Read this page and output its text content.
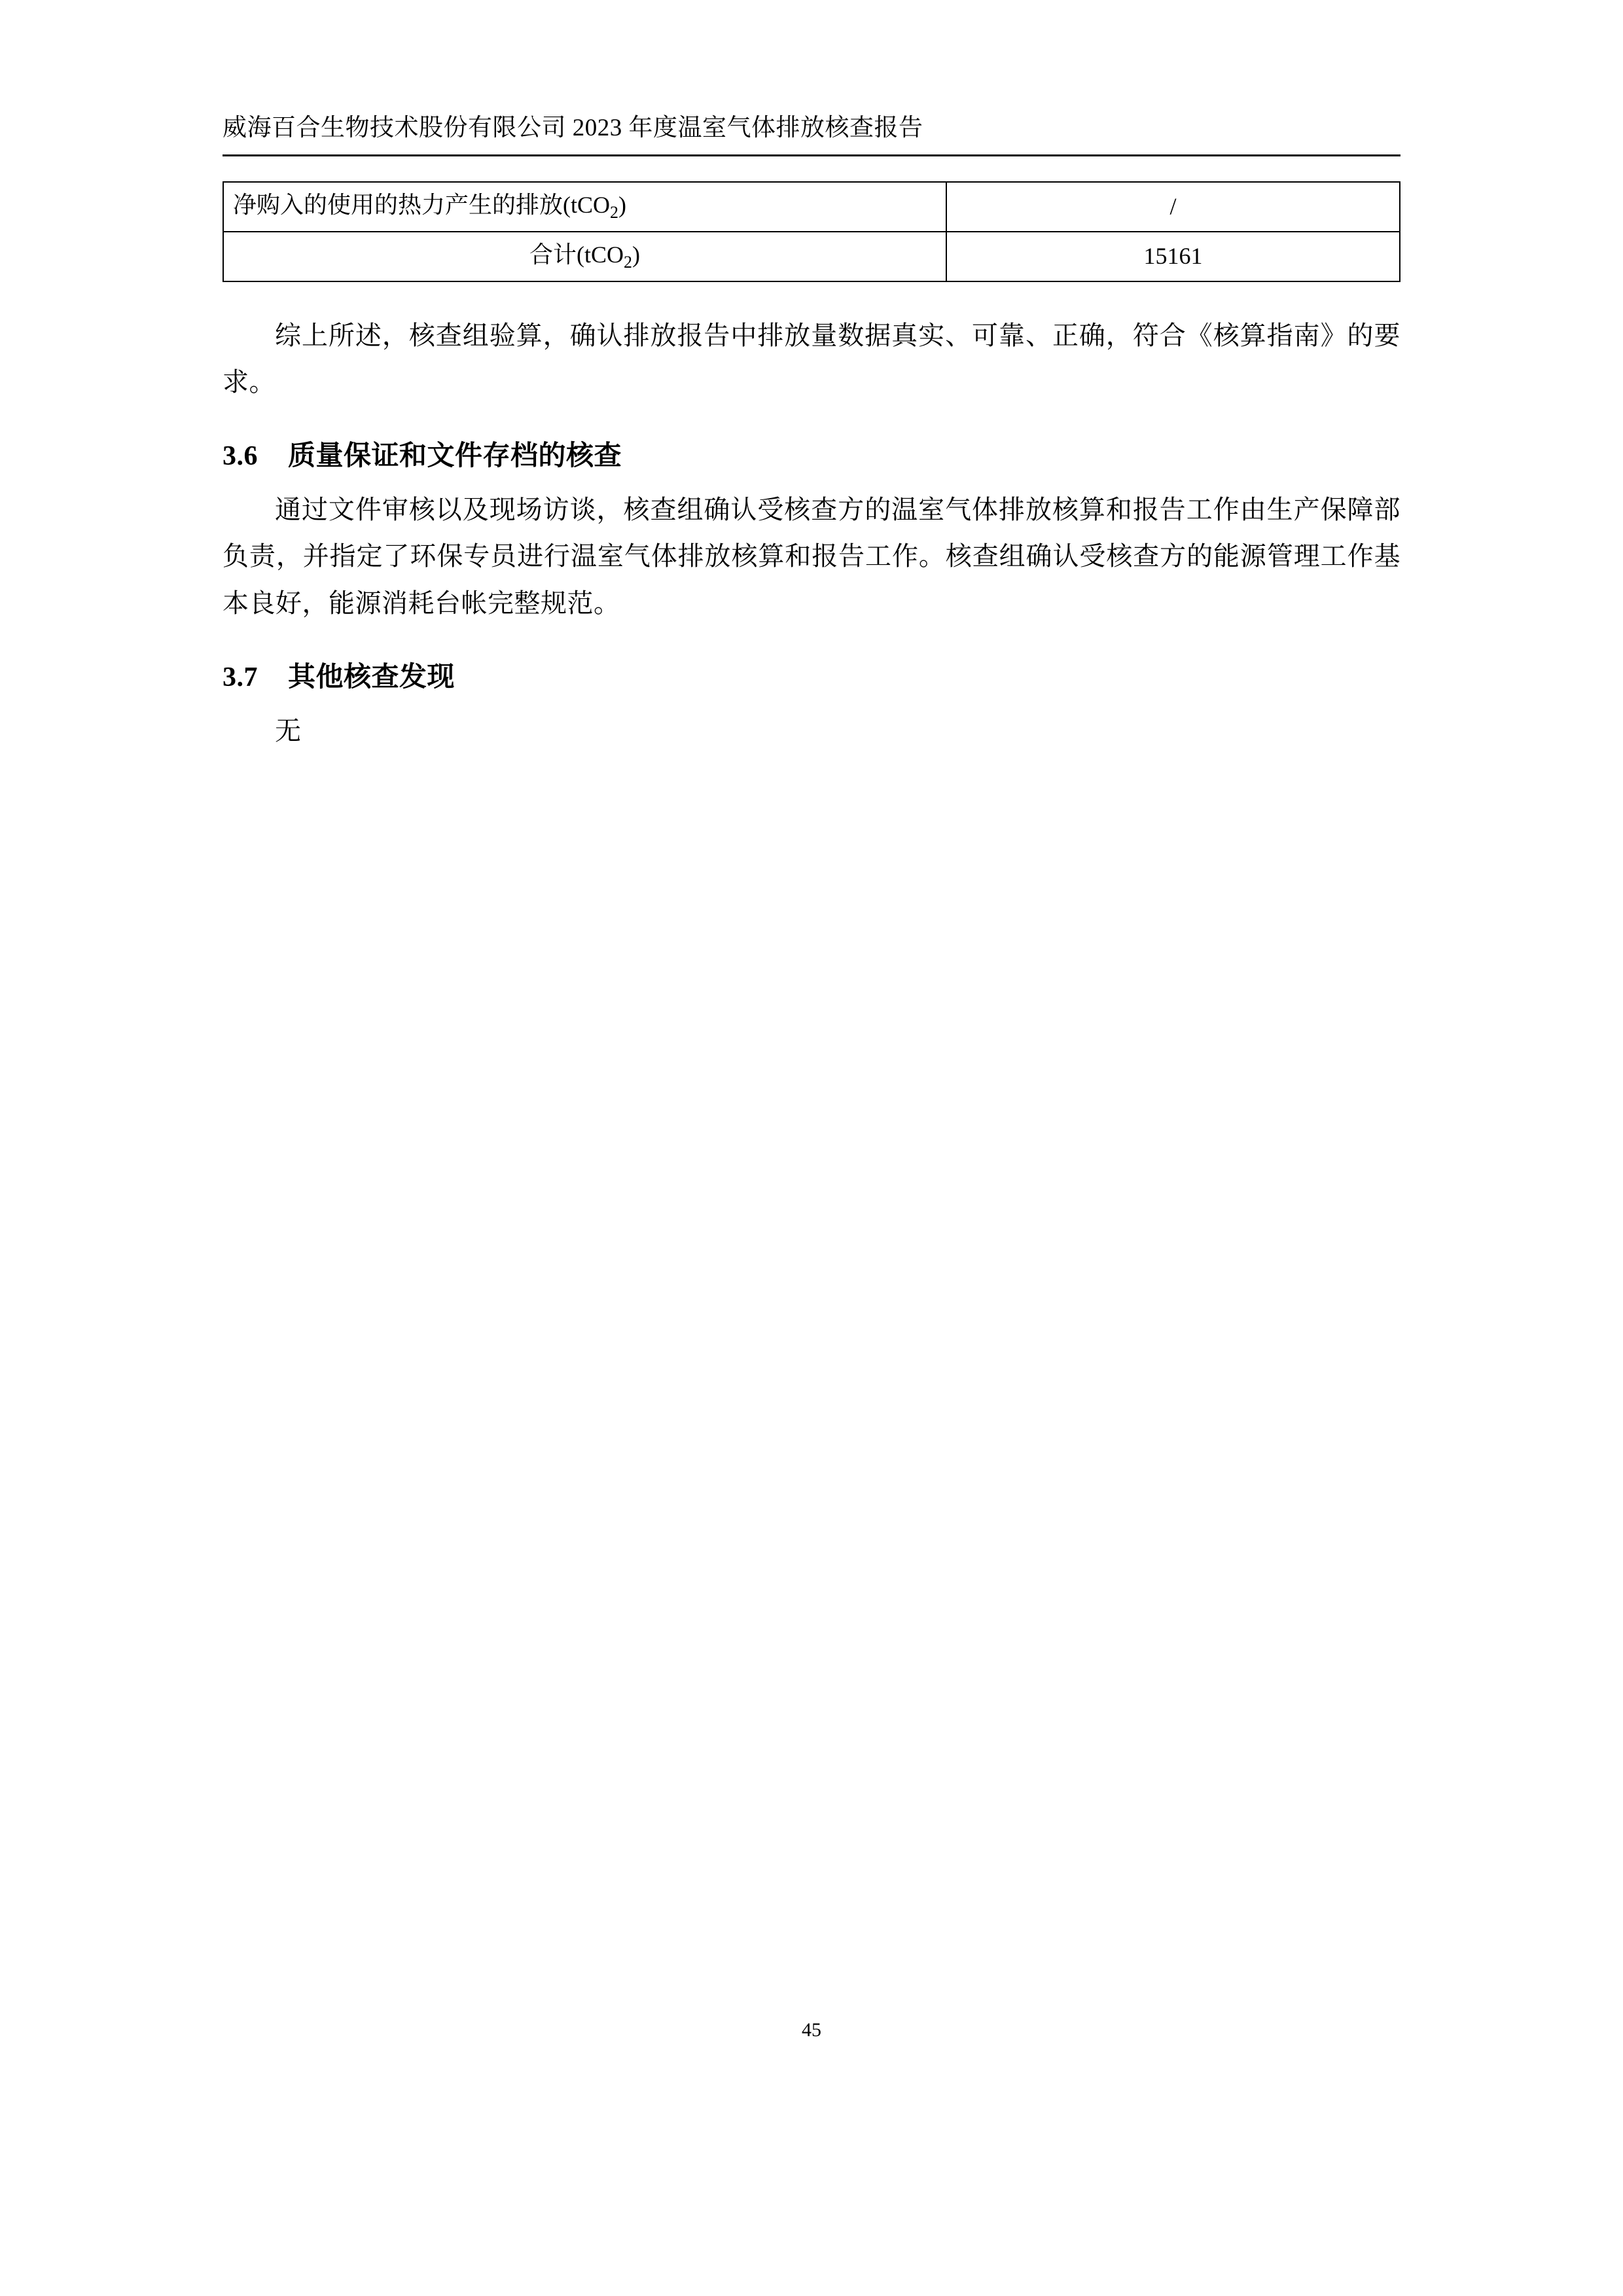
威海百合生物技术股份有限公司 2023 年度温室气体排放核查报告
净购入的使用的热力产生的排放(tCO$_2$)	/
合计(tCO$_2$)	15161

综上所述，核查组验算，确认排放报告中排放量数据真实、可靠、正确，符合《核算指南》的要求。

3.6 质量保证和文件存档的核查

通过文件审核以及现场访谈，核查组确认受核查方的温室气体排放核算和报告工作由生产保障部负责，并指定了环保专员进行温室气体排放核算和报告工作。核查组确认受核查方的能源管理工作基本良好，能源消耗台帐完整规范。

3.7 其他核查发现

无

45
